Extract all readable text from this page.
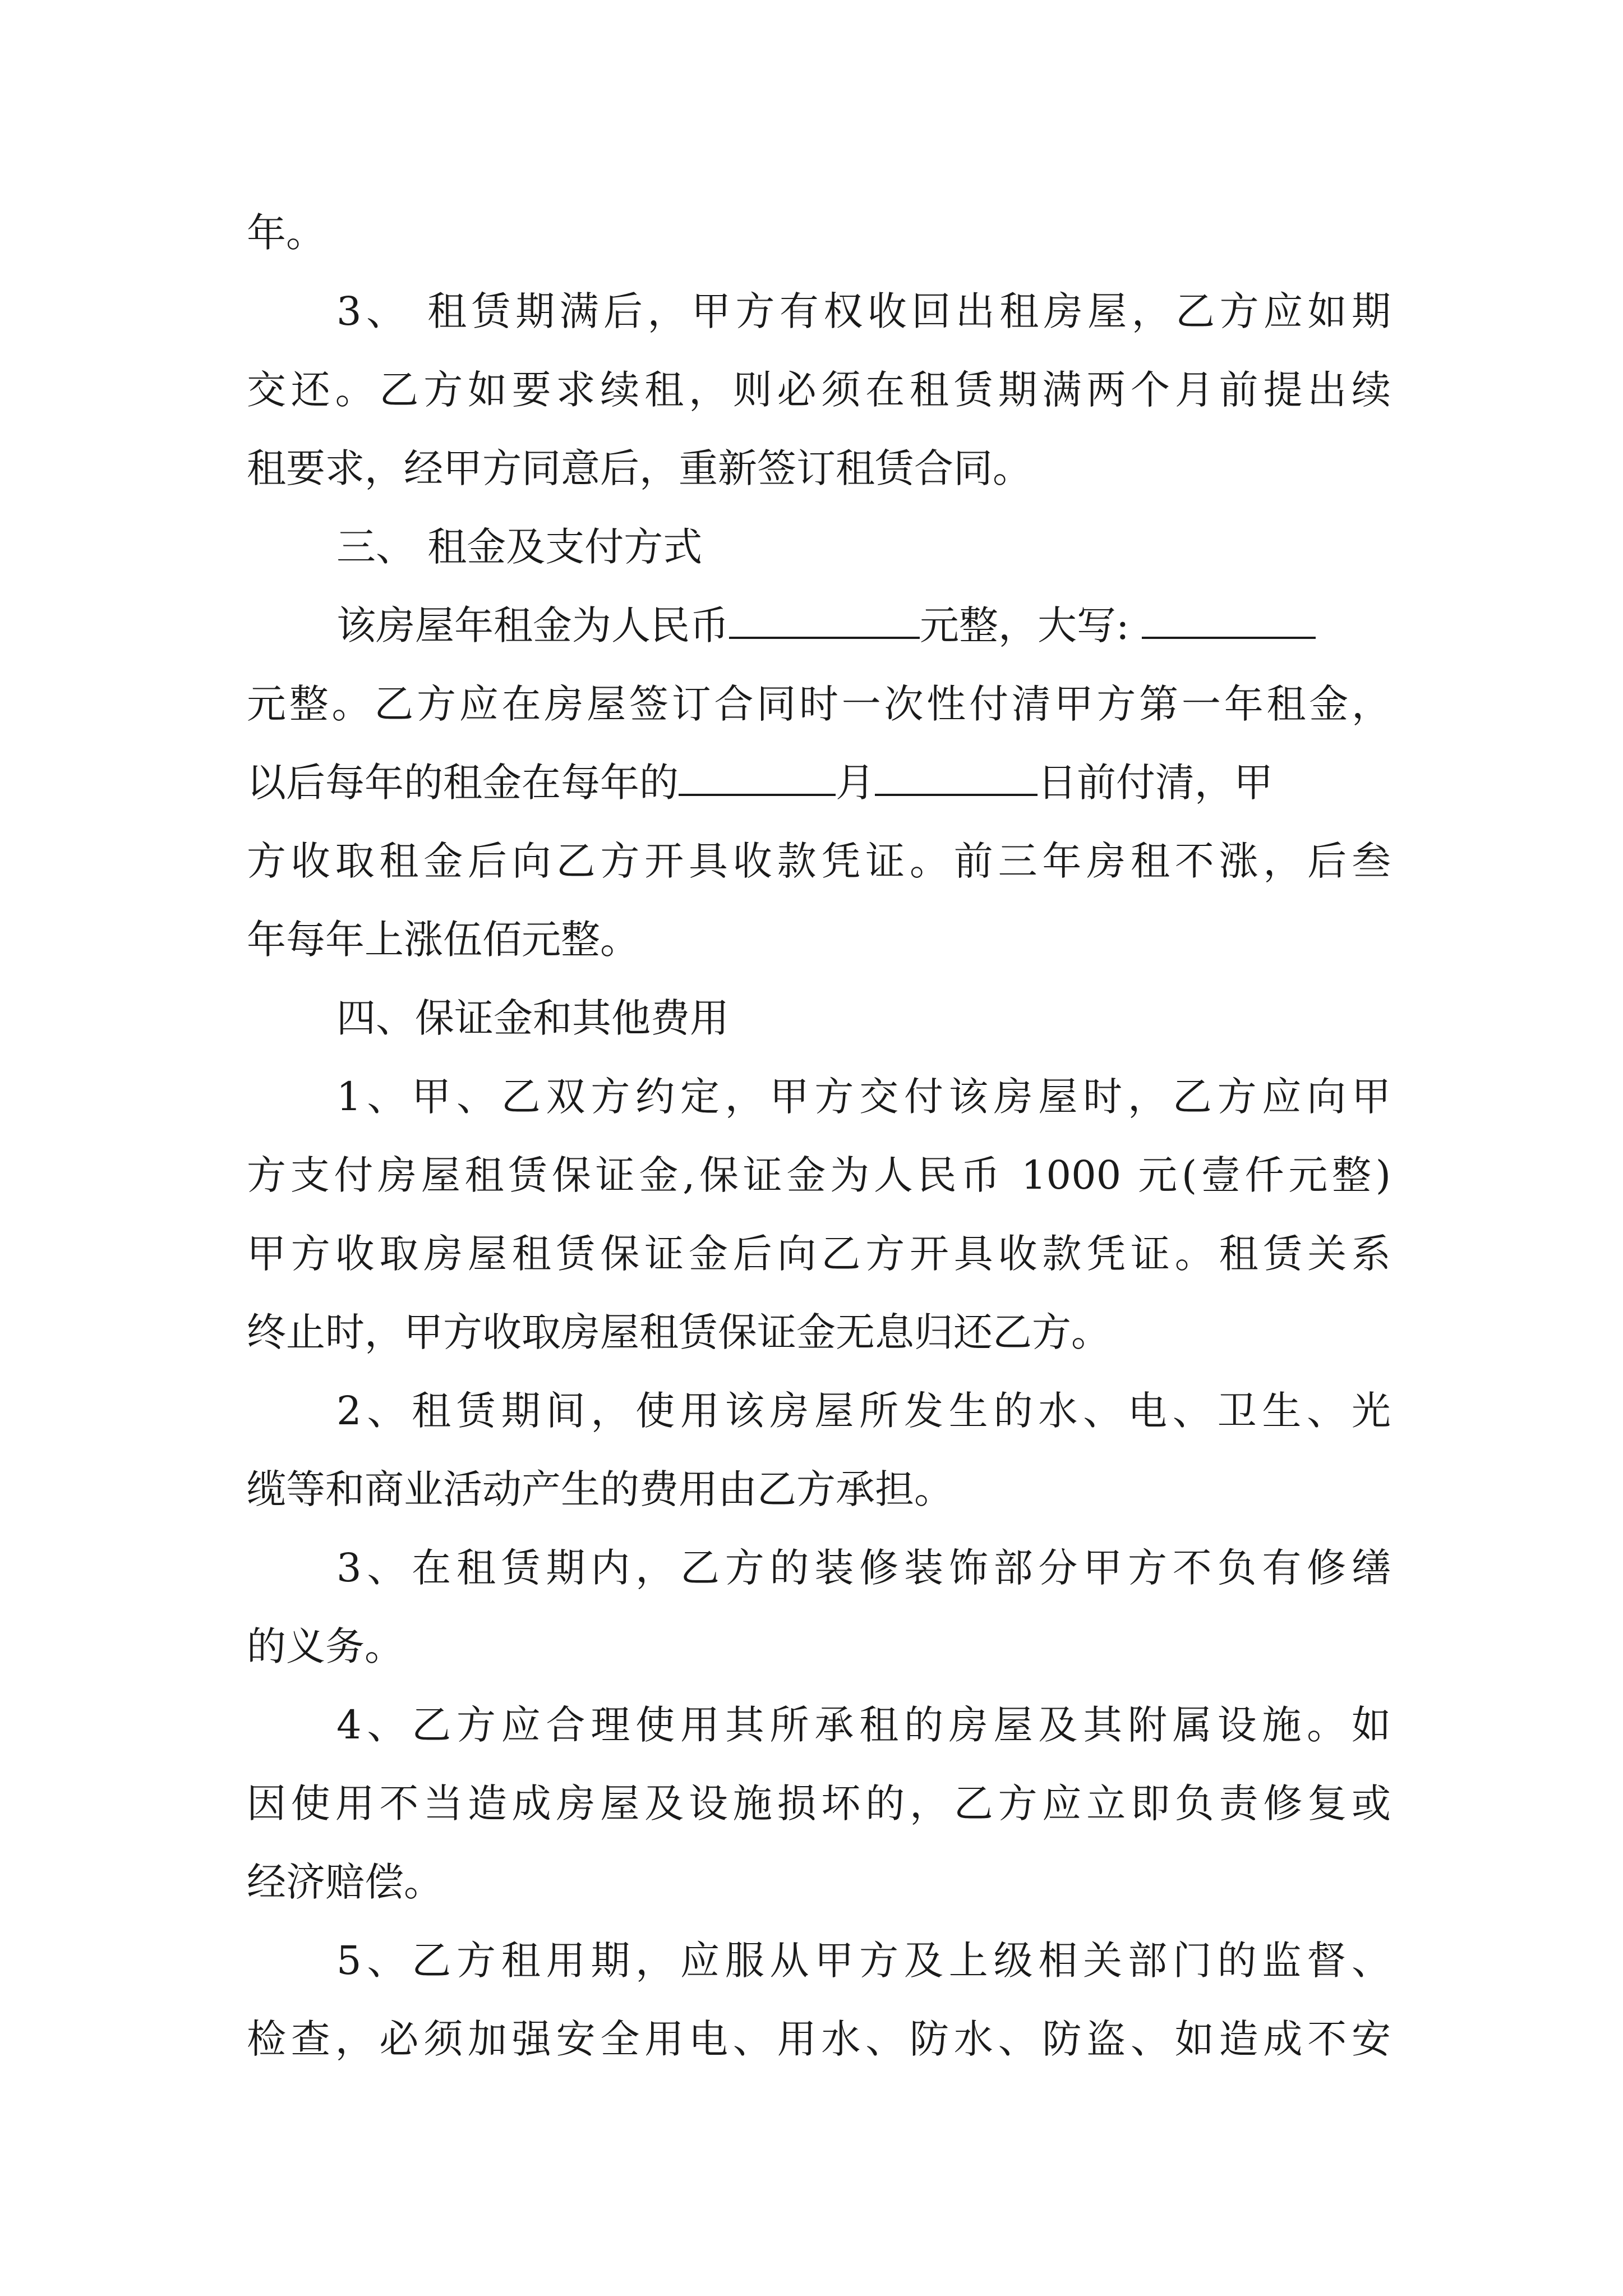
年。
3、 租赁期满后，甲方有权收回出租房屋，乙方应如期
交还。乙方如要求续租，则必须在租赁期满两个月前提出续
租要求，经甲方同意后，重新签订租赁合同。
三、 租金及支付方式
该房屋年租金为人民币	元整，大写:
元整。乙方应在房屋签订合同时一次性付清甲方第一年租金，
以后每年的租金在每年的	月	日前付清，甲
方收取租金后向乙方开具收款凭证。前三年房租不涨，后叁
年每年上涨伍佰元整。
四、保证金和其他费用
1、甲、乙双方约定，甲方交付该房屋时，乙方应向甲
方支付房屋租赁保证金,保证金为人民币 1000 元(壹仟元整)
甲方收取房屋租赁保证金后向乙方开具收款凭证。租赁关系
终止时，甲方收取房屋租赁保证金无息归还乙方。
2、租赁期间，使用该房屋所发生的水、电、卫生、光
缆等和商业活动产生的费用由乙方承担。
3、在租赁期内，乙方的装修装饰部分甲方不负有修缮
的义务。
4、乙方应合理使用其所承租的房屋及其附属设施。如
因使用不当造成房屋及设施损坏的，乙方应立即负责修复或
经济赔偿。
5、乙方租用期，应服从甲方及上级相关部门的监督、
检查，必须加强安全用电、用水、防水、防盗、如造成不安
